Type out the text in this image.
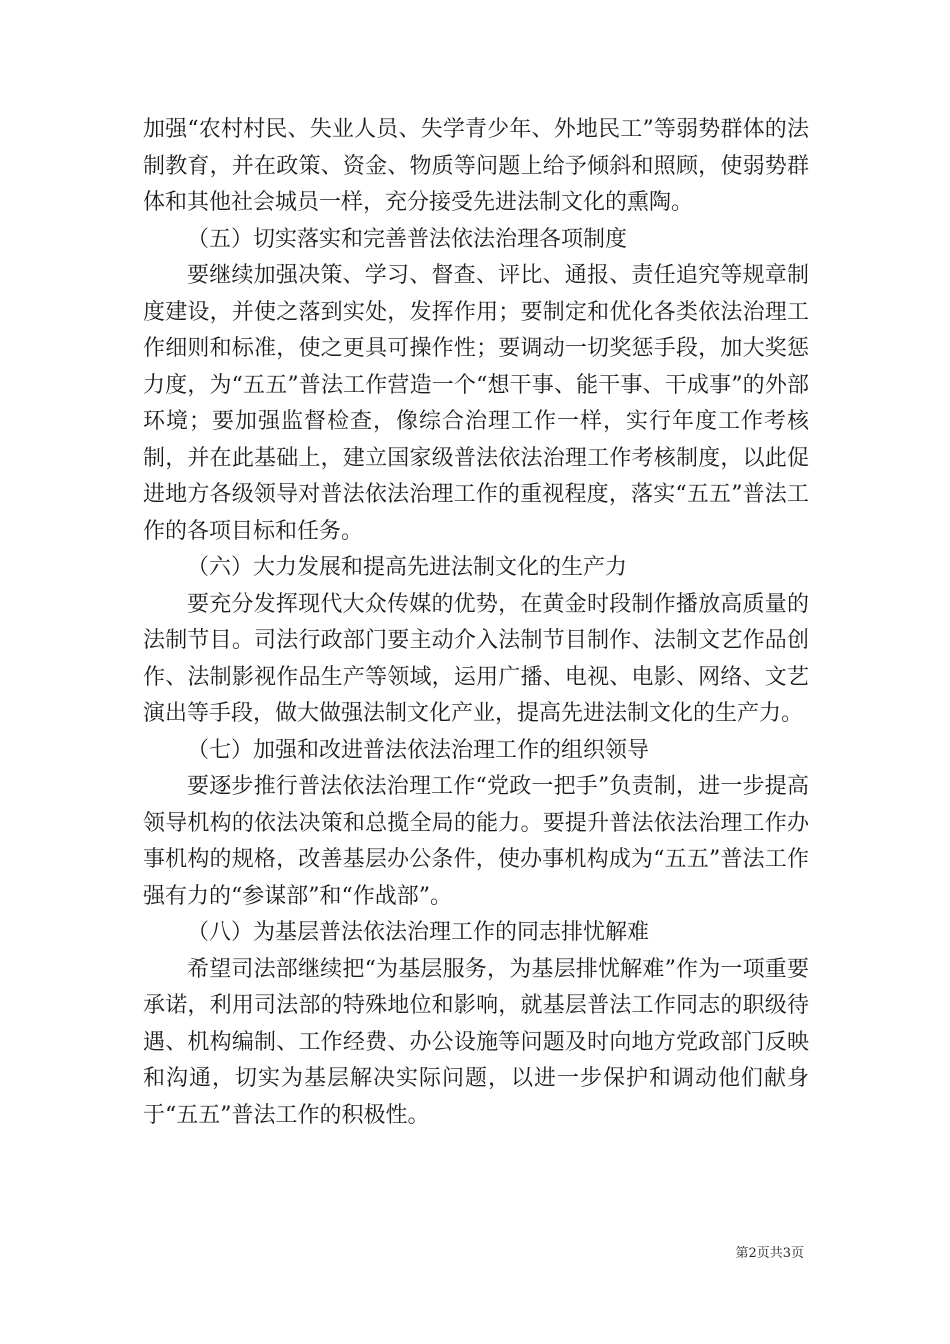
加强“农村村民、失业人员、失学青少年、外地民工”等弱势群体的法制教育，并在政策、资金、物质等问题上给予倾斜和照顾，使弱势群体和其他社会城员一样，充分接受先进法制文化的熏陶。

（五）切实落实和完善普法依法治理各项制度

要继续加强决策、学习、督查、评比、通报、责任追究等规章制度建设，并使之落到实处，发挥作用；要制定和优化各类依法治理工作细则和标准，使之更具可操作性；要调动一切奖惩手段，加大奖惩力度，为“五五”普法工作营造一个“想干事、能干事、干成事”的外部环境；要加强监督检查，像综合治理工作一样，实行年度工作考核制，并在此基础上，建立国家级普法依法治理工作考核制度，以此促进地方各级领导对普法依法治理工作的重视程度，落实“五五”普法工作的各项目标和任务。

（六）大力发展和提高先进法制文化的生产力

要充分发挥现代大众传媒的优势，在黄金时段制作播放高质量的法制节目。司法行政部门要主动介入法制节目制作、法制文艺作品创作、法制影视作品生产等领域，运用广播、电视、电影、网络、文艺演出等手段，做大做强法制文化产业，提高先进法制文化的生产力。

（七）加强和改进普法依法治理工作的组织领导

要逐步推行普法依法治理工作“党政一把手”负责制，进一步提高领导机构的依法决策和总揽全局的能力。要提升普法依法治理工作办事机构的规格，改善基层办公条件，使办事机构成为“五五”普法工作强有力的“参谋部”和“作战部”。

（八）为基层普法依法治理工作的同志排忧解难

希望司法部继续把“为基层服务，为基层排忧解难”作为一项重要承诺，利用司法部的特殊地位和影响，就基层普法工作同志的职级待遇、机构编制、工作经费、办公设施等问题及时向地方党政部门反映和沟通，切实为基层解决实际问题，以进一步保护和调动他们献身于“五五”普法工作的积极性。

第2页共3页
